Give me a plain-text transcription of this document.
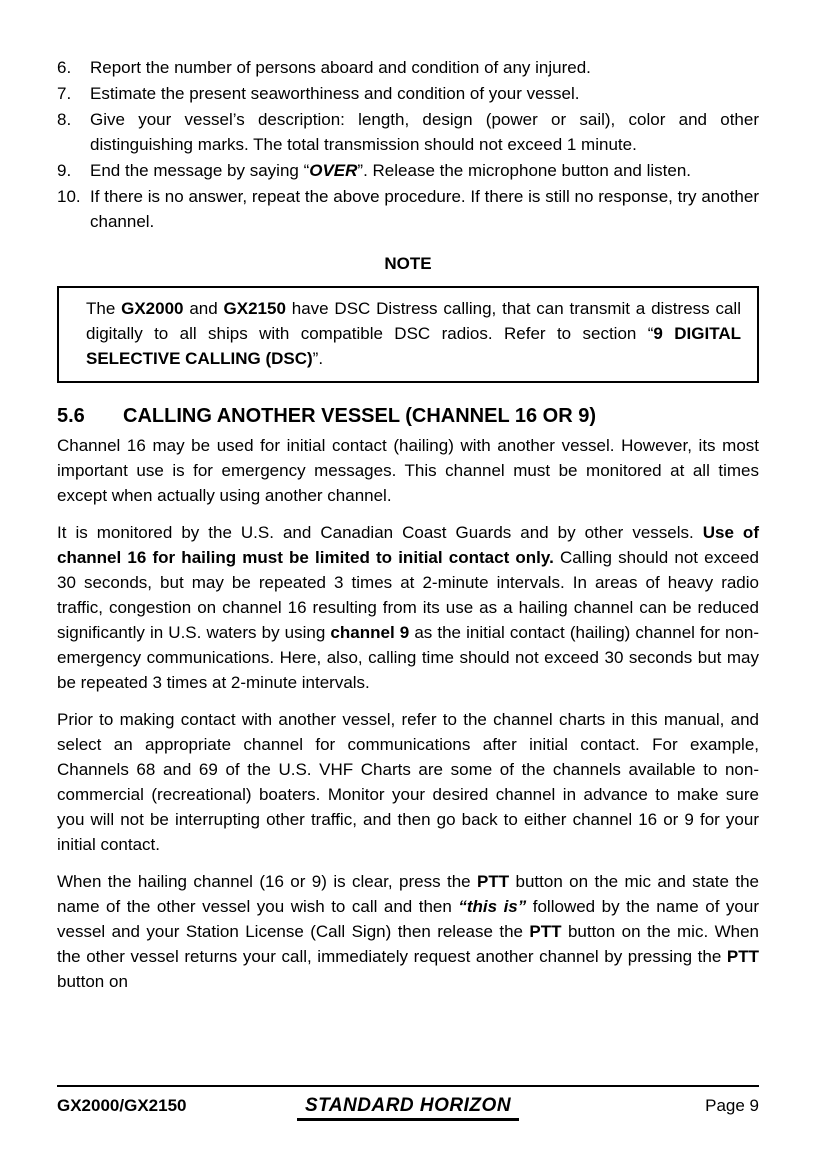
6.	Report the number of persons aboard and condition of any injured.
7.	Estimate the present seaworthiness and condition of your vessel.
8.	Give your vessel’s description: length, design (power or sail), color and other distinguishing marks. The total transmission should not exceed 1 minute.
9.	End the message by saying “OVER”. Release the microphone button and listen.
10. If there is no answer, repeat the above procedure. If there is still no response, try another channel.
NOTE
The GX2000 and GX2150 have DSC Distress calling, that can transmit a distress call digitally to all ships with compatible DSC radios. Refer to section “9 DIGITAL SELECTIVE CALLING (DSC)”.
5.6	CALLING ANOTHER VESSEL (CHANNEL 16 OR 9)
Channel 16 may be used for initial contact (hailing) with another vessel. However, its most important use is for emergency messages. This channel must be monitored at all times except when actually using another channel.
It is monitored by the U.S. and Canadian Coast Guards and by other vessels. Use of channel 16 for hailing must be limited to initial contact only. Calling should not exceed 30 seconds, but may be repeated 3 times at 2-minute intervals. In areas of heavy radio traffic, congestion on channel 16 resulting from its use as a hailing channel can be reduced significantly in U.S. waters by using channel 9 as the initial contact (hailing) channel for non-emergency communications. Here, also, calling time should not exceed 30 seconds but may be repeated 3 times at 2-minute intervals.
Prior to making contact with another vessel, refer to the channel charts in this manual, and select an appropriate channel for communications after initial contact. For example, Channels 68 and 69 of the U.S. VHF Charts are some of the channels available to non-commercial (recreational) boaters. Monitor your desired channel in advance to make sure you will not be interrupting other traffic, and then go back to either channel 16 or 9 for your initial contact.
When the hailing channel (16 or 9) is clear, press the PTT button on the mic and state the name of the other vessel you wish to call and then “this is” followed by the name of your vessel and your Station License (Call Sign) then release the PTT button on the mic. When the other vessel returns your call, immediately request another channel by pressing the PTT button on
GX2000/GX2150	STANDARD HORIZON	Page 9
